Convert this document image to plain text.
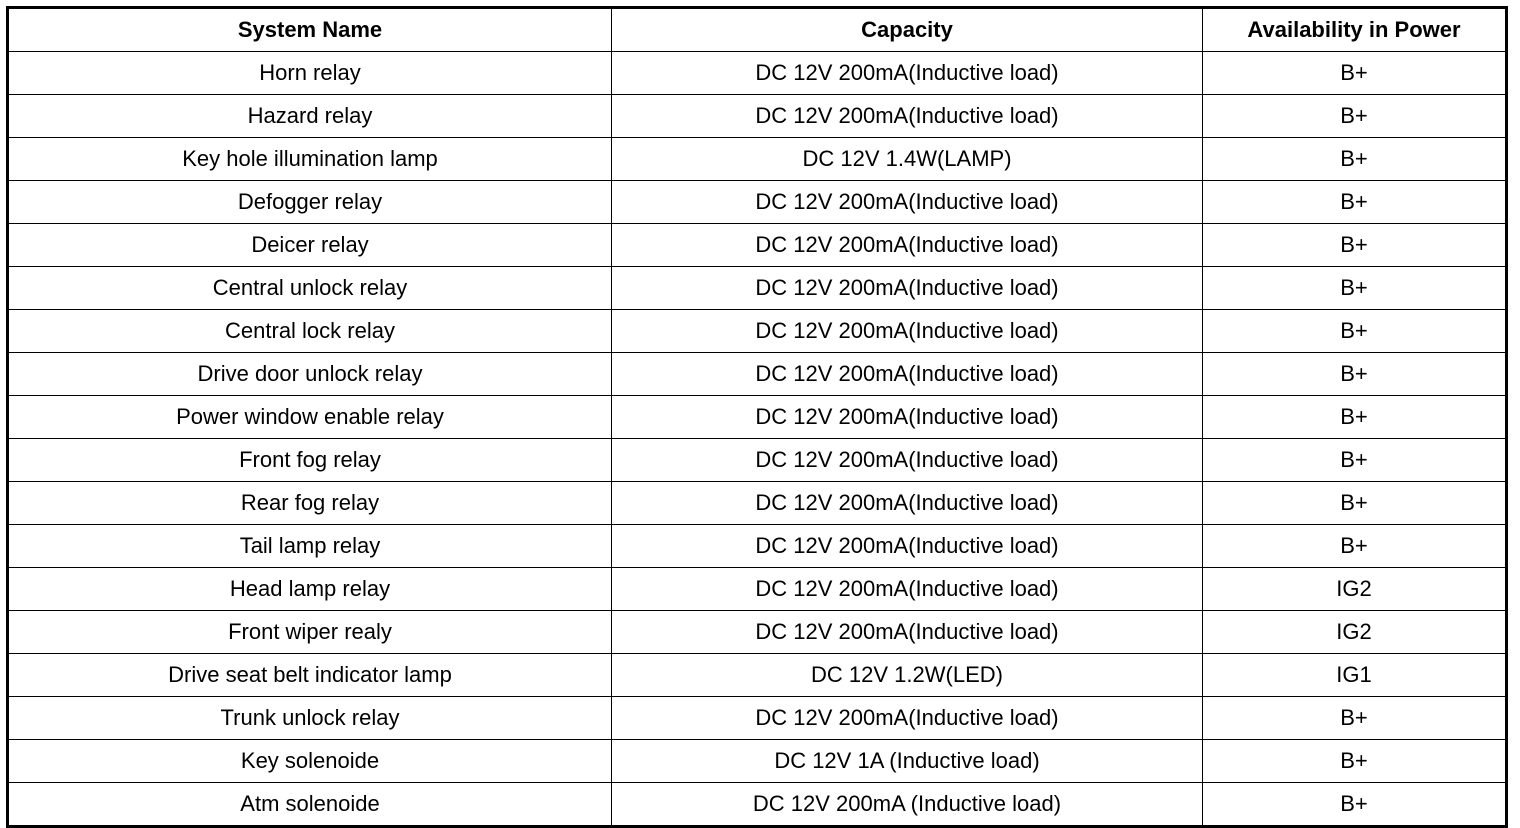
System Name	Capacity	Availability in Power
Horn relay	DC 12V 200mA(Inductive load)	B+
Hazard relay	DC 12V 200mA(Inductive load)	B+
Key hole illumination lamp	DC 12V 1.4W(LAMP)	B+
Defogger relay	DC 12V 200mA(Inductive load)	B+
Deicer relay	DC 12V 200mA(Inductive load)	B+
Central unlock relay	DC 12V 200mA(Inductive load)	B+
Central lock relay	DC 12V 200mA(Inductive load)	B+
Drive door unlock relay	DC 12V 200mA(Inductive load)	B+
Power window enable relay	DC 12V 200mA(Inductive load)	B+
Front fog relay	DC 12V 200mA(Inductive load)	B+
Rear fog relay	DC 12V 200mA(Inductive load)	B+
Tail lamp relay	DC 12V 200mA(Inductive load)	B+
Head lamp relay	DC 12V 200mA(Inductive load)	IG2
Front wiper realy	DC 12V 200mA(Inductive load)	IG2
Drive seat belt indicator lamp	DC 12V 1.2W(LED)	IG1
Trunk unlock relay	DC 12V 200mA(Inductive load)	B+
Key solenoide	DC 12V 1A (Inductive load)	B+
Atm solenoide	DC 12V 200mA (Inductive load)	B+
